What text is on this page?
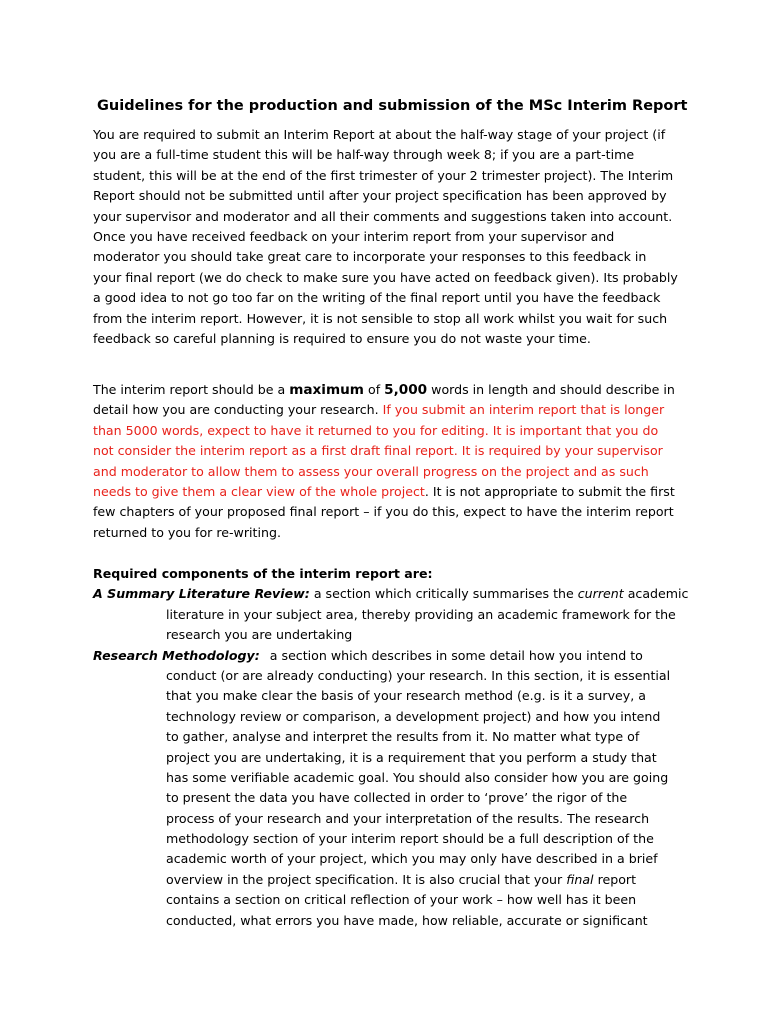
Guidelines for the production and submission of the MSc Interim Report
You are required to submit an Interim Report at about the half-way stage of your project (if
you are a full-time student this will be half-way through week 8; if you are a part-time
student, this will be at the end of the first trimester of your 2 trimester project). The Interim
Report should not be submitted until after your project specification has been approved by
your supervisor and moderator and all their comments and suggestions taken into account.
Once you have received feedback on your interim report from your supervisor and
moderator you should take great care to incorporate your responses to this feedback in
your final report (we do check to make sure you have acted on feedback given). Its probably
a good idea to not go too far on the writing of the final report until you have the feedback
from the interim report. However, it is not sensible to stop all work whilst you wait for such
feedback so careful planning is required to ensure you do not waste your time.
The interim report should be a maximum of 5,000 words in length and should describe in
detail how you are conducting your research. If you submit an interim report that is longer
than 5000 words, expect to have it returned to you for editing. It is important that you do
not consider the interim report as a first draft final report. It is required by your supervisor
and moderator to allow them to assess your overall progress on the project and as such
needs to give them a clear view of the whole project. It is not appropriate to submit the first
few chapters of your proposed final report – if you do this, expect to have the interim report
returned to you for re-writing.
Required components of the interim report are:
A Summary Literature Review: a section which critically summarises the current academic
literature in your subject area, thereby providing an academic framework for the
research you are undertaking
Research Methodology: a section which describes in some detail how you intend to
conduct (or are already conducting) your research. In this section, it is essential
that you make clear the basis of your research method (e.g. is it a survey, a
technology review or comparison, a development project) and how you intend
to gather, analyse and interpret the results from it. No matter what type of
project you are undertaking, it is a requirement that you perform a study that
has some verifiable academic goal. You should also consider how you are going
to present the data you have collected in order to ‘prove’ the rigor of the
process of your research and your interpretation of the results. The research
methodology section of your interim report should be a full description of the
academic worth of your project, which you may only have described in a brief
overview in the project specification. It is also crucial that your final report
contains a section on critical reflection of your work – how well has it been
conducted, what errors you have made, how reliable, accurate or significant
